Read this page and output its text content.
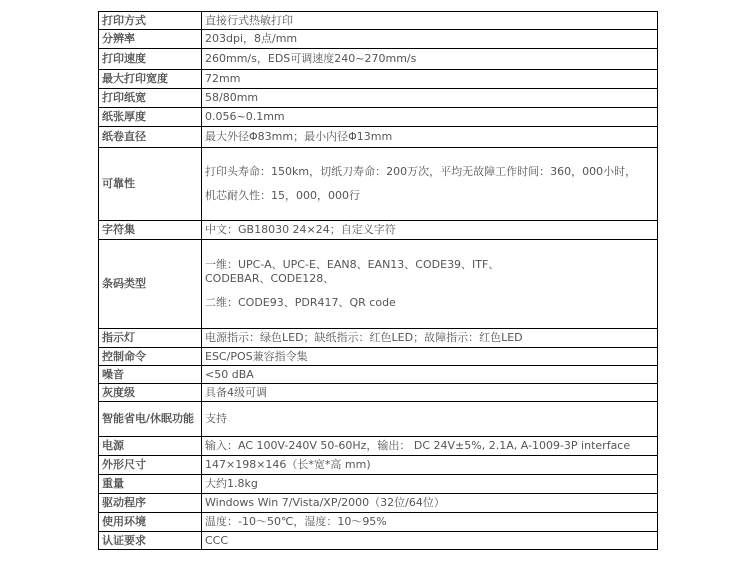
打印方式	直接行式热敏打印

分辨率	203dpi，8点/mm

打印速度	260mm/s，EDS可调速度240~270mm/s

最大打印宽度	72mm

打印纸宽	58/80mm

纸张厚度	0.056~0.1mm

纸卷直径	最大外径Φ83mm；最小内径Φ13mm

可靠性	打印头寿命：150km，切纸刀寿命：200万次，平均无故障工作时间：360，000小时，
机芯耐久性：15，000，000行

字符集	中文：GB18030 24×24；自定义字符

条码类型	一维：UPC-A、UPC-E、EAN8、EAN13、CODE39、ITF、
CODEBAR、CODE128、
二维：CODE93、PDR417、QR code

指示灯	电源指示：绿色LED；缺纸指示：红色LED；故障指示：红色LED

控制命令	ESC/POS兼容指令集

噪音	<50 dBA

灰度级	具备4级可调

智能省电/休眠功能	支持

电源	输入：AC 100V-240V 50-60Hz，输出： DC 24V±5%, 2.1A, A-1009-3P interface

外形尺寸	147×198×146（长*宽*高 mm)

重量	大约1.8kg

驱动程序	Windows Win 7/Vista/XP/2000（32位/64位）

使用环境	温度：-10～50℃，湿度：10～95%

认证要求	CCC
